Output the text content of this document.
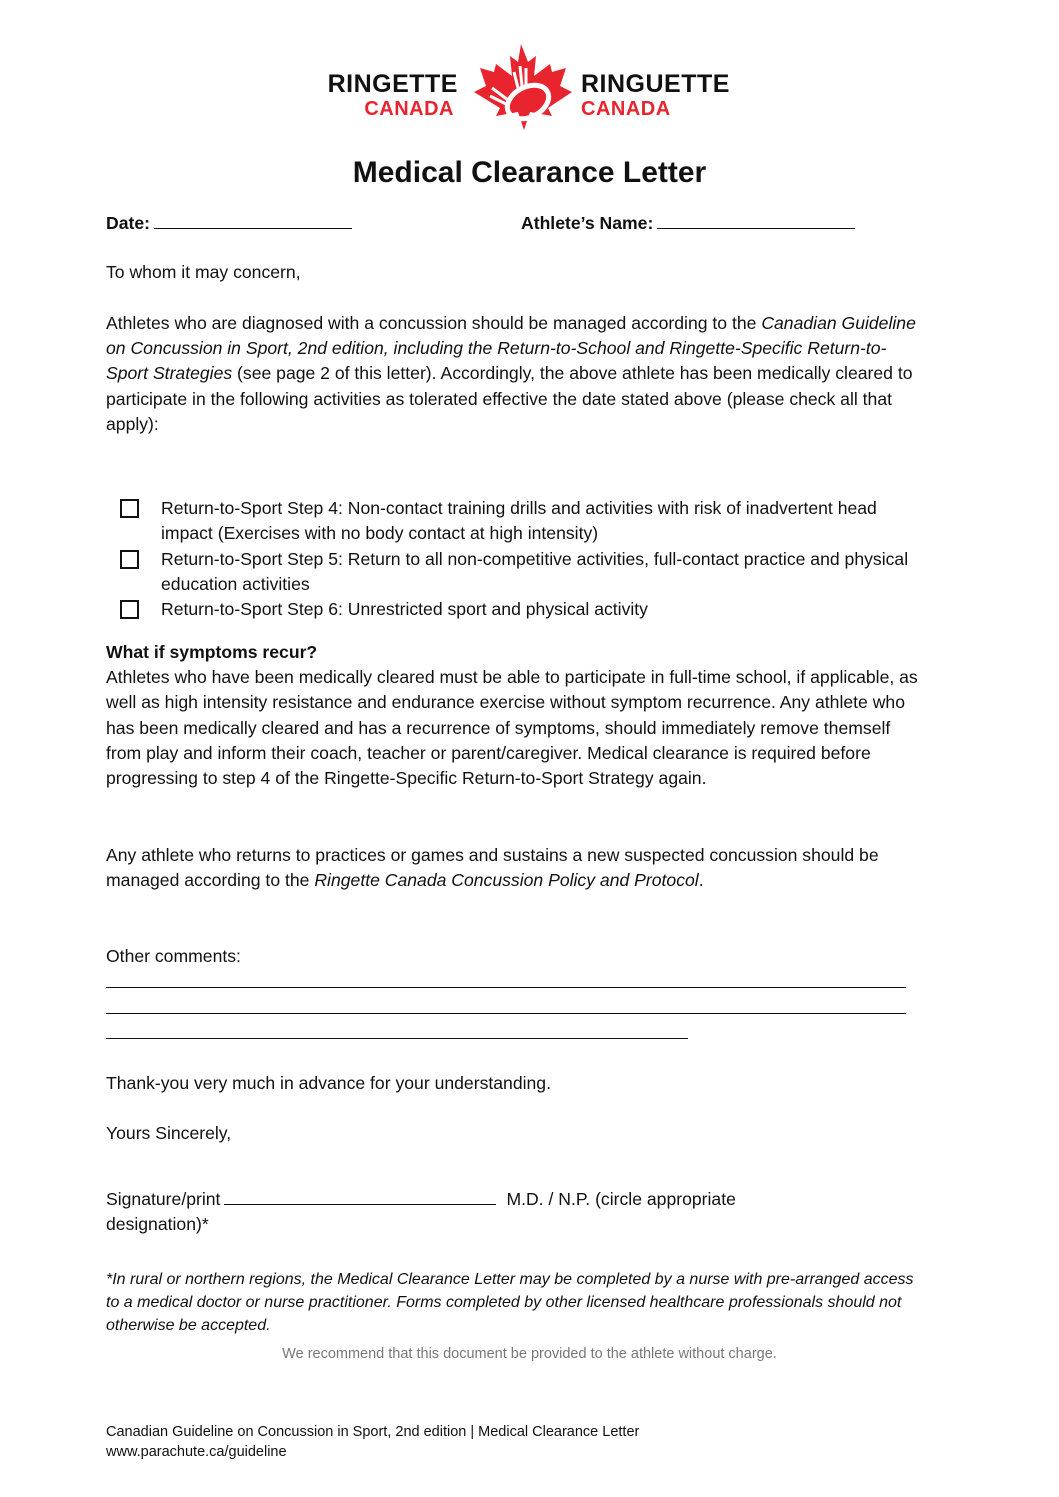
RINGETTE
CANADA
RINGUETTE
CANADA
Medical Clearance Letter
Date:	Athlete’s Name:
To whom it may concern,
Athletes who are diagnosed with a concussion should be managed according to the Canadian Guideline on Concussion in Sport, 2nd edition, including the Return-to-School and Ringette-Specific Return-to-Sport Strategies (see page 2 of this letter). Accordingly, the above athlete has been medically cleared to participate in the following activities as tolerated effective the date stated above (please check all that apply):
Return-to-Sport Step 4: Non-contact training drills and activities with risk of inadvertent head impact (Exercises with no body contact at high intensity)
Return-to-Sport Step 5: Return to all non-competitive activities, full-contact practice and physical education activities
Return-to-Sport Step 6: Unrestricted sport and physical activity
What if symptoms recur?
Athletes who have been medically cleared must be able to participate in full-time school, if applicable, as well as high intensity resistance and endurance exercise without symptom recurrence. Any athlete who has been medically cleared and has a recurrence of symptoms, should immediately remove themself from play and inform their coach, teacher or parent/caregiver. Medical clearance is required before progressing to step 4 of the Ringette-Specific Return-to-Sport Strategy again.
Any athlete who returns to practices or games and sustains a new suspected concussion should be managed according to the Ringette Canada Concussion Policy and Protocol.
Other comments:
Thank-you very much in advance for your understanding.
Yours Sincerely,
Signature/print	M.D. / N.P. (circle appropriate designation)*
*In rural or northern regions, the Medical Clearance Letter may be completed by a nurse with pre-arranged access to a medical doctor or nurse practitioner. Forms completed by other licensed healthcare professionals should not otherwise be accepted.
We recommend that this document be provided to the athlete without charge.
Canadian Guideline on Concussion in Sport, 2nd edition | Medical Clearance Letter
www.parachute.ca/guideline
